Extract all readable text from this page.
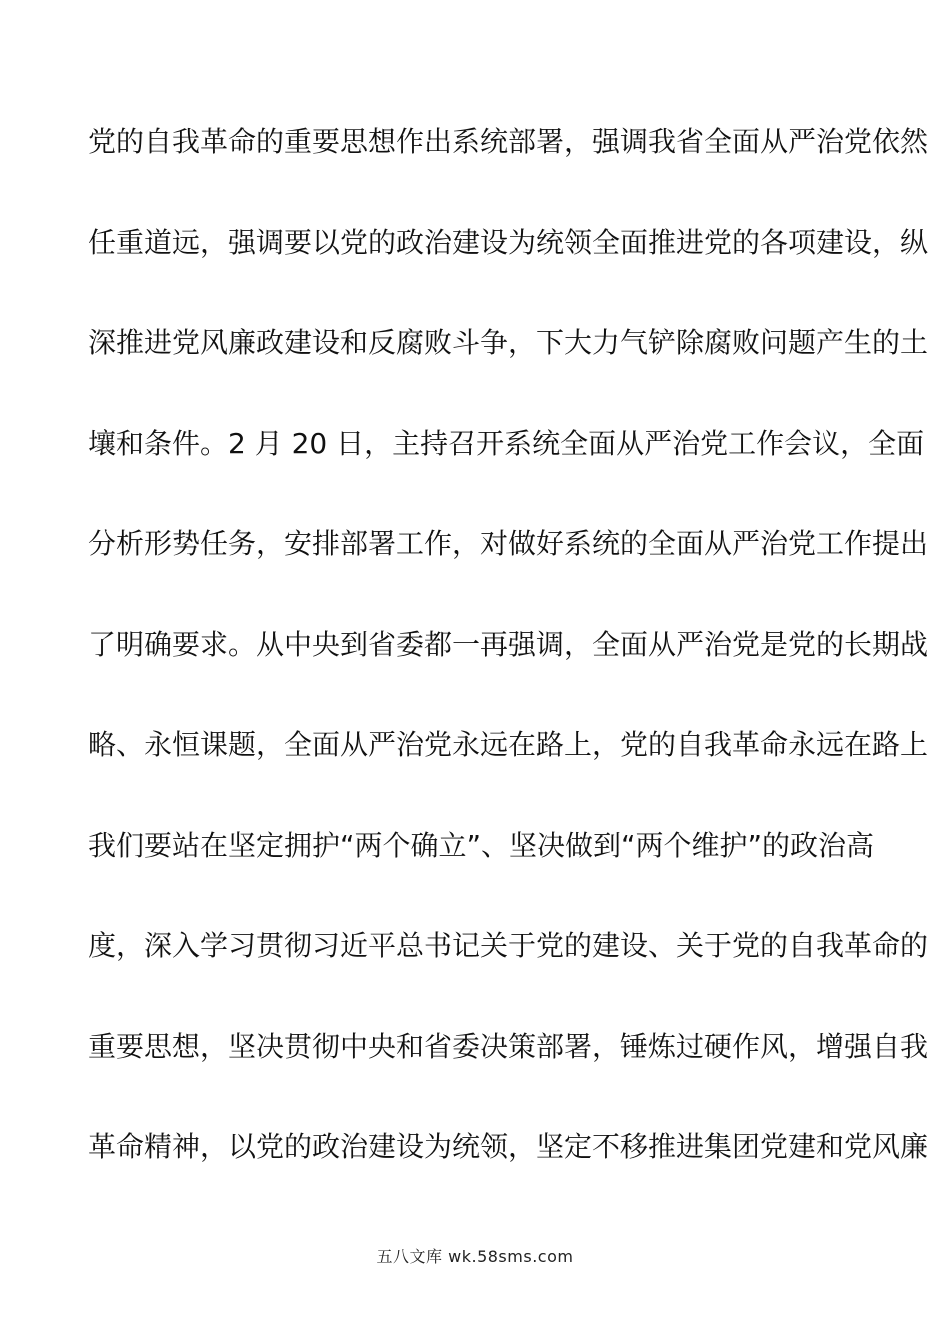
党的自我革命的重要思想作出系统部署，强调我省全面从严治党依然
任重道远，强调要以党的政治建设为统领全面推进党的各项建设，纵
深推进党风廉政建设和反腐败斗争，下大力气铲除腐败问题产生的土
壤和条件。2 月 20 日，主持召开系统全面从严治党工作会议，全面
分析形势任务，安排部署工作，对做好系统的全面从严治党工作提出
了明确要求。从中央到省委都一再强调，全面从严治党是党的长期战
略、永恒课题，全面从严治党永远在路上，党的自我革命永远在路上
我们要站在坚定拥护“两个确立”、坚决做到“两个维护”的政治高
度，深入学习贯彻习近平总书记关于党的建设、关于党的自我革命的
重要思想，坚决贯彻中央和省委决策部署，锤炼过硬作风，增强自我
革命精神，以党的政治建设为统领，坚定不移推进集团党建和党风廉
五八文库 wk.58sms.com
